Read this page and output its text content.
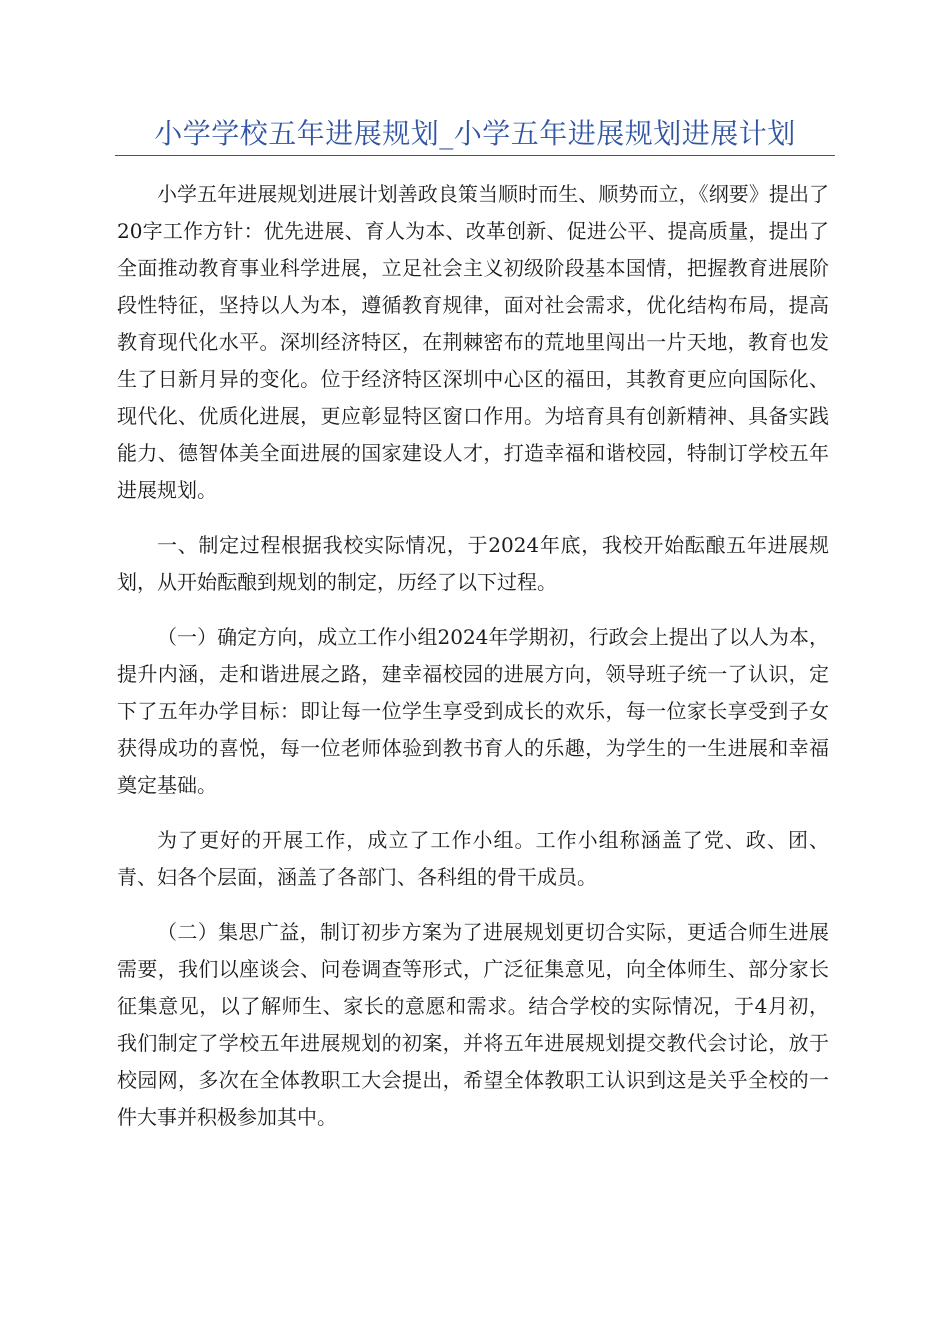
小学学校五年进展规划_小学五年进展规划进展计划

小学五年进展规划进展计划善政良策当顺时而生、顺势而立，《纲要》提出了20字工作方针：优先进展、育人为本、改革创新、促进公平、提高质量，提出了全面推动教育事业科学进展，立足社会主义初级阶段基本国情，把握教育进展阶段性特征，坚持以人为本，遵循教育规律，面对社会需求，优化结构布局，提高教育现代化水平。深圳经济特区，在荆棘密布的荒地里闯出一片天地，教育也发生了日新月异的变化。位于经济特区深圳中心区的福田，其教育更应向国际化、现代化、优质化进展，更应彰显特区窗口作用。为培育具有创新精神、具备实践能力、德智体美全面进展的国家建设人才，打造幸福和谐校园，特制订学校五年进展规划。

一、制定过程根据我校实际情况，于2024年底，我校开始酝酿五年进展规划，从开始酝酿到规划的制定，历经了以下过程。

（一）确定方向，成立工作小组2024年学期初，行政会上提出了以人为本，提升内涵，走和谐进展之路，建幸福校园的进展方向，领导班子统一了认识，定下了五年办学目标：即让每一位学生享受到成长的欢乐，每一位家长享受到子女获得成功的喜悦，每一位老师体验到教书育人的乐趣，为学生的一生进展和幸福奠定基础。

为了更好的开展工作，成立了工作小组。工作小组称涵盖了党、政、团、青、妇各个层面，涵盖了各部门、各科组的骨干成员。

（二）集思广益，制订初步方案为了进展规划更切合实际，更适合师生进展需要，我们以座谈会、问卷调查等形式，广泛征集意见，向全体师生、部分家长征集意见，以了解师生、家长的意愿和需求。结合学校的实际情况，于4月初，我们制定了学校五年进展规划的初案，并将五年进展规划提交教代会讨论，放于校园网，多次在全体教职工大会提出，希望全体教职工认识到这是关乎全校的一件大事并积极参加其中。
